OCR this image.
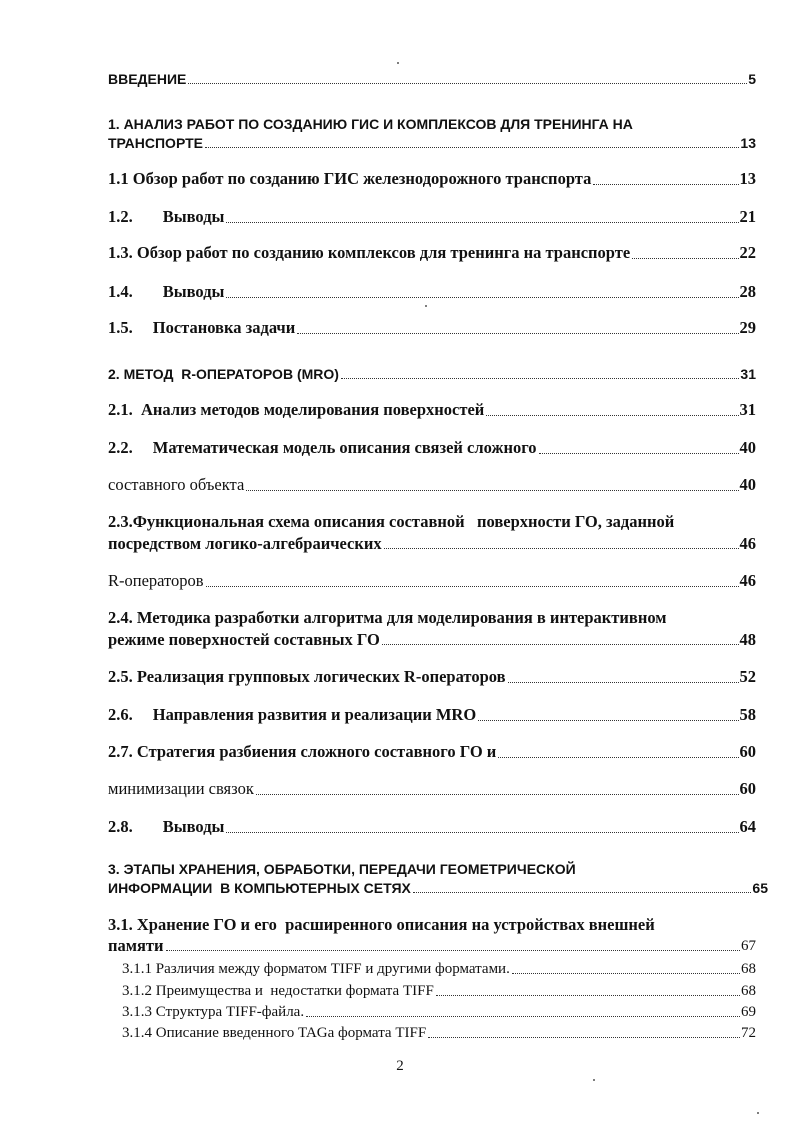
ВВЕДЕНИЕ	5
1. АНАЛИЗ РАБОТ ПО СОЗДАНИЮ ГИС И КОМПЛЕКСОВ ДЛЯ ТРЕНИНГА НА
ТРАНСПОРТЕ	13
1.1 Обзор работ по созданию ГИС железнодорожного транспорта	13
1.2. Выводы	21
1.3. Обзор работ по созданию комплексов для тренинга на транспорте	22
1.4. Выводы	28
1.5. Постановка задачи	29
2. МЕТОД  R-ОПЕРАТОРОВ (MRO)	31
2.1.  Анализ методов моделирования поверхностей	31
2.2. Математическая модель описания связей сложного	40
составного объекта	40
2.3.Функциональная схема описания составной   поверхности ГО, заданной
посредством логико-алгебраических	46
R-операторов	46
2.4. Методика разработки алгоритма для моделирования в интерактивном
режиме поверхностей составных ГО	48
2.5. Реализация групповых логических R-операторов	52
2.6. Направления развития и реализации MRO	58
2.7. Стратегия разбиения сложного составного ГО и	60
минимизации связок	60
2.8. Выводы	64
3. ЭТАПЫ ХРАНЕНИЯ, ОБРАБОТКИ, ПЕРЕДАЧИ ГЕОМЕТРИЧЕСКОЙ
ИНФОРМАЦИИ  В КОМПЬЮТЕРНЫХ СЕТЯХ	65
3.1. Хранение ГО и его  расширенного описания на устройствах внешней
памяти	67
3.1.1 Различия между форматом TIFF и другими форматами.	68
3.1.2 Преимущества и  недостатки формата TIFF	68
3.1.3 Структура TIFF-файла.	69
3.1.4 Описание введенного TAGа формата TIFF	72
2
